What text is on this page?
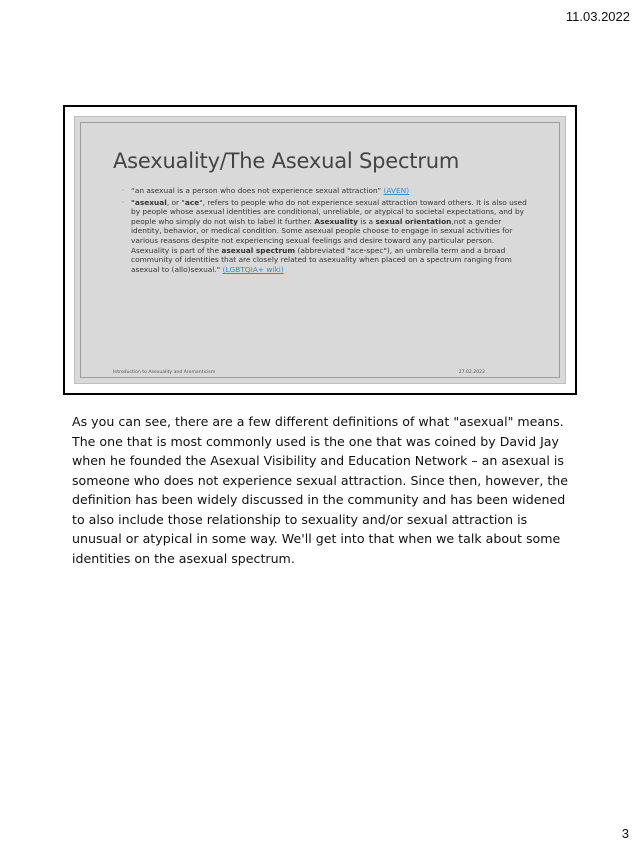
11.03.2022
Asexuality/The Asexual Spectrum
◦ “an asexual is a person who does not experience sexual attraction” (AVEN)
◦ "asexual, or "ace", refers to people who do not experience sexual attraction toward others. It is also used by people whose asexual identities are conditional, unreliable, or atypical to societal expectations, and by people who simply do not wish to label it further. Asexuality is a sexual orientation,not a gender identity, behavior, or medical condition. Some asexual people choose to engage in sexual activities for various reasons despite not experiencing sexual feelings and desire toward any particular person. Asexuality is part of the asexual spectrum (abbreviated "ace-spec"), an umbrella term and a broad community of identities that are closely related to asexuality when placed on a spectrum ranging from asexual to (allo)sexual." (LGBTQIA+ wiki)
Introduction to Asexuality and Aromanticism	27.02.2022

As you can see, there are a few different definitions of what "asexual" means. The one that is most commonly used is the one that was coined by David Jay when he founded the Asexual Visibility and Education Network – an asexual is someone who does not experience sexual attraction. Since then, however, the definition has been widely discussed in the community and has been widened to also include those relationship to sexuality and/or sexual attraction is unusual or atypical in some way. We'll get into that when we talk about some identities on the asexual spectrum.

3
